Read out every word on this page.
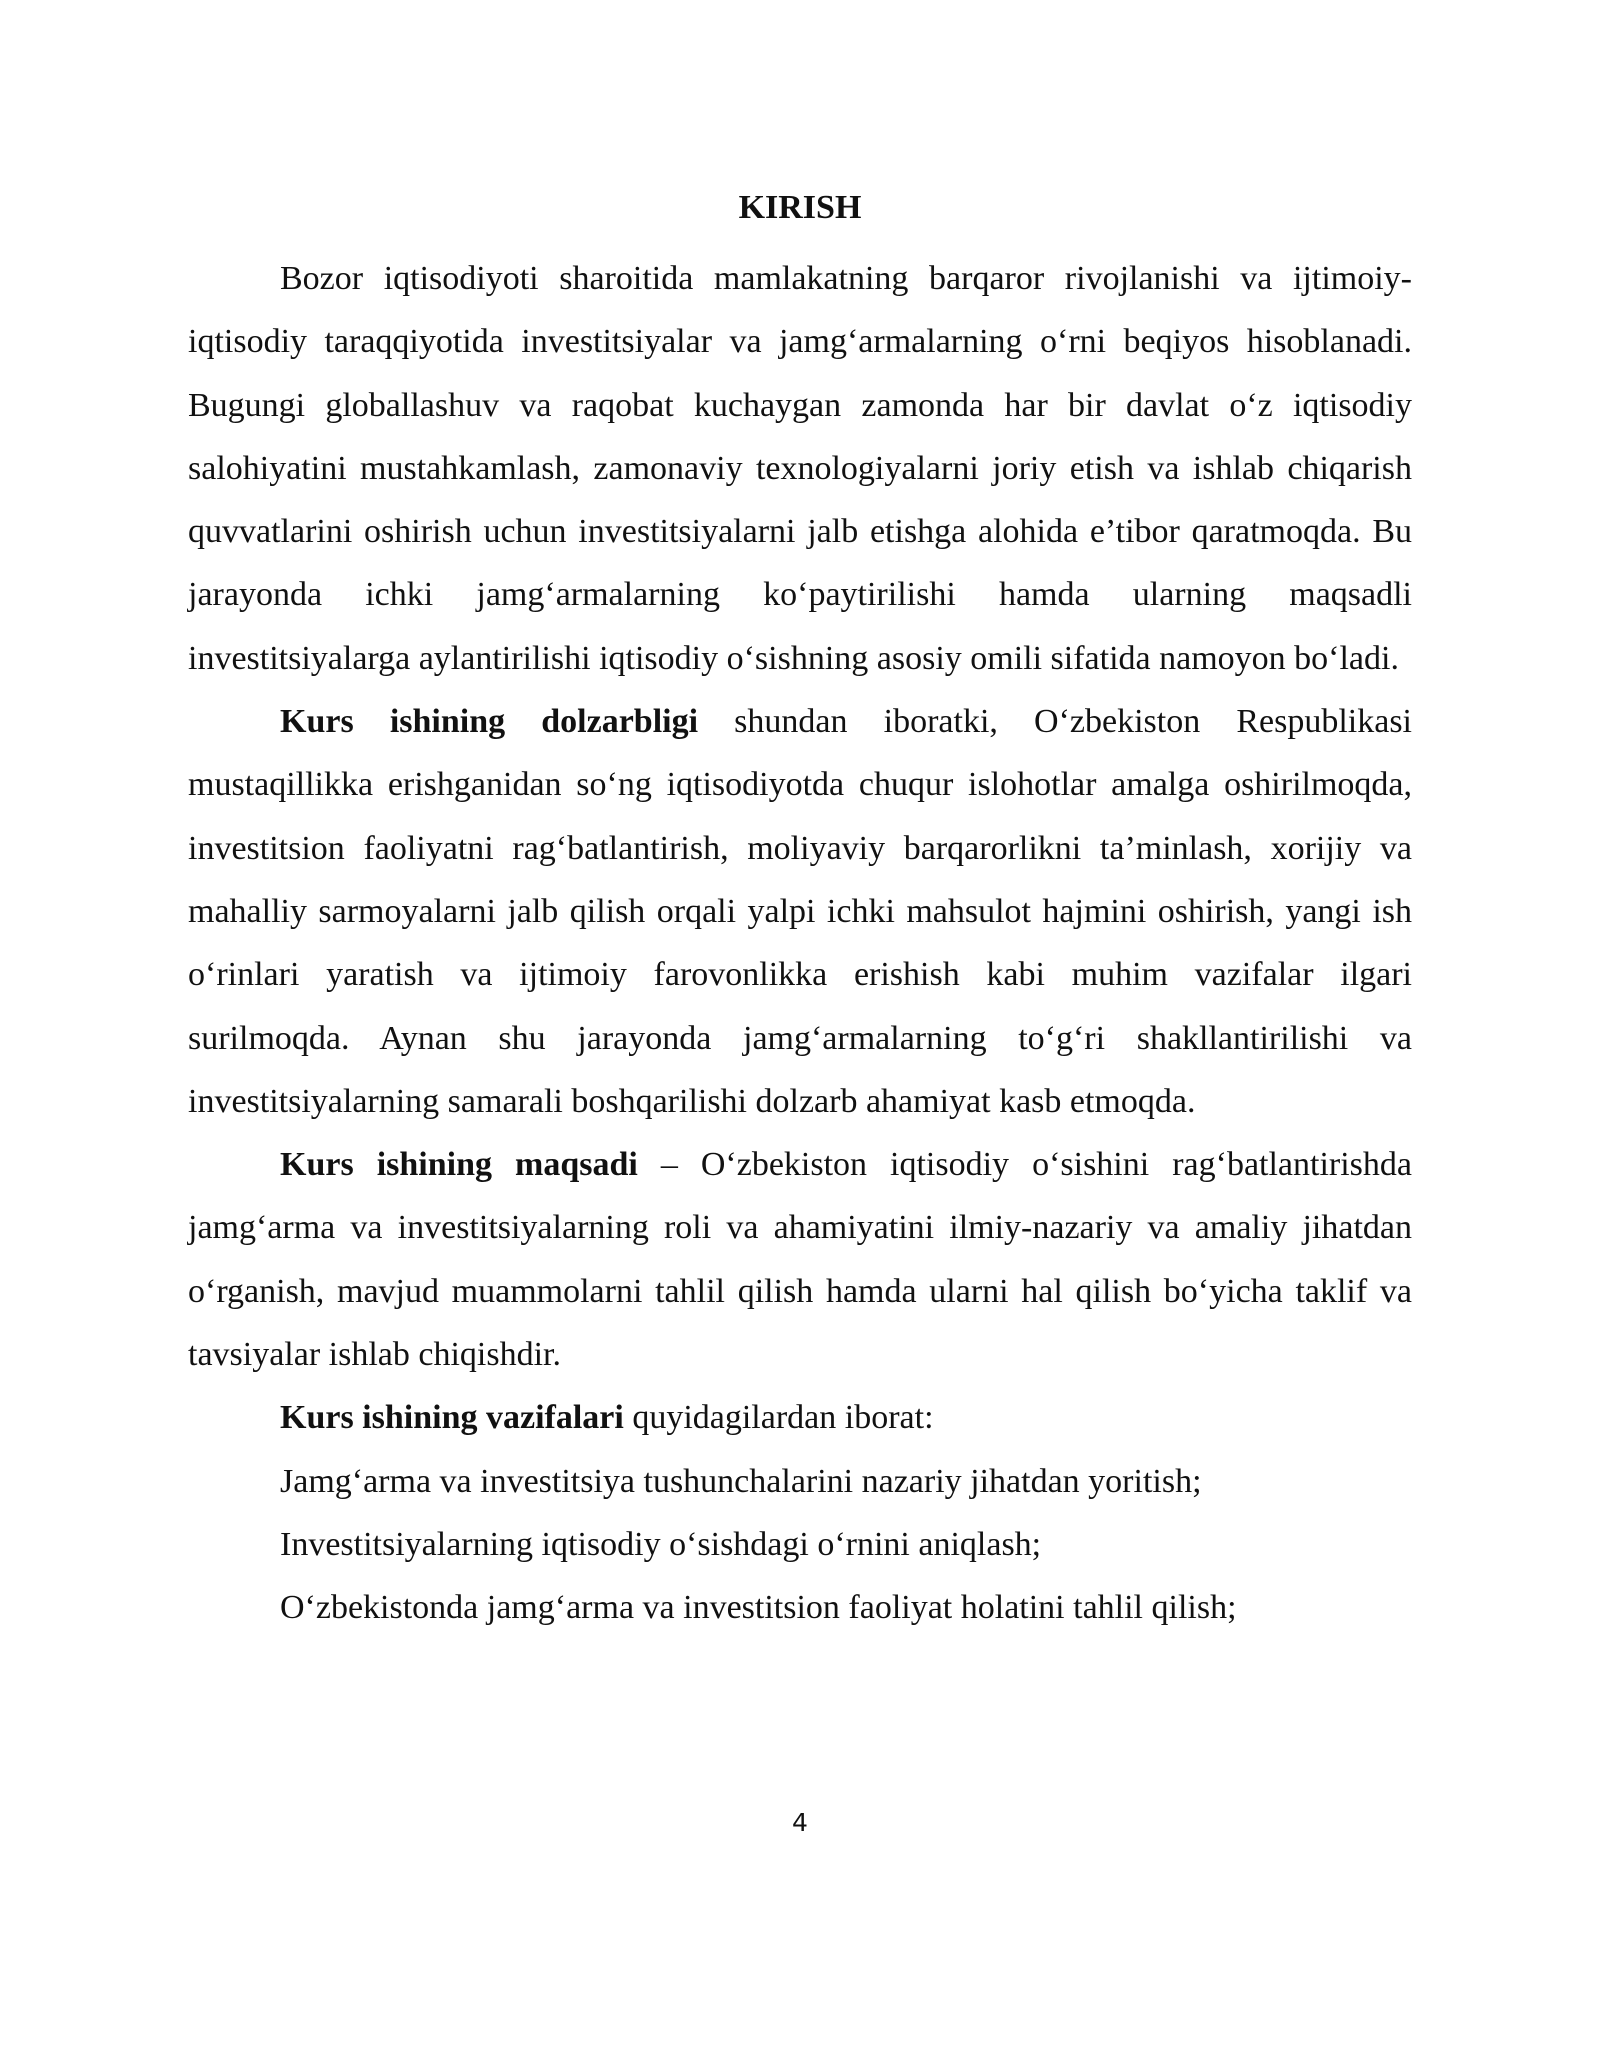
KIRISH

Bozor iqtisodiyoti sharoitida mamlakatning barqaror rivojlanishi va ijtimoiy-iqtisodiy taraqqiyotida investitsiyalar va jamg‘armalarning o‘rni beqiyos hisoblanadi. Bugungi globallashuv va raqobat kuchaygan zamonda har bir davlat o‘z iqtisodiy salohiyatini mustahkamlash, zamonaviy texnologiyalarni joriy etish va ishlab chiqarish quvvatlarini oshirish uchun investitsiyalarni jalb etishga alohida e’tibor qaratmoqda. Bu jarayonda ichki jamg‘armalarning ko‘paytirilishi hamda ularning maqsadli investitsiyalarga aylantirilishi iqtisodiy o‘sishning asosiy omili sifatida namoyon bo‘ladi.

Kurs ishining dolzarbligi shundan iboratki, O‘zbekiston Respublikasi mustaqillikka erishganidan so‘ng iqtisodiyotda chuqur islohotlar amalga oshirilmoqda, investitsion faoliyatni rag‘batlantirish, moliyaviy barqarorlikni ta’minlash, xorijiy va mahalliy sarmoyalarni jalb qilish orqali yalpi ichki mahsulot hajmini oshirish, yangi ish o‘rinlari yaratish va ijtimoiy farovonlikka erishish kabi muhim vazifalar ilgari surilmoqda. Aynan shu jarayonda jamg‘armalarning to‘g‘ri shakllantirilishi va investitsiyalarning samarali boshqarilishi dolzarb ahamiyat kasb etmoqda.

Kurs ishining maqsadi – O‘zbekiston iqtisodiy o‘sishini rag‘batlantirishda jamg‘arma va investitsiyalarning roli va ahamiyatini ilmiy-nazariy va amaliy jihatdan o‘rganish, mavjud muammolarni tahlil qilish hamda ularni hal qilish bo‘yicha taklif va tavsiyalar ishlab chiqishdir.

Kurs ishining vazifalari quyidagilardan iborat:

Jamg‘arma va investitsiya tushunchalarini nazariy jihatdan yoritish;

Investitsiyalarning iqtisodiy o‘sishdagi o‘rnini aniqlash;

O‘zbekistonda jamg‘arma va investitsion faoliyat holatini tahlil qilish;

4
